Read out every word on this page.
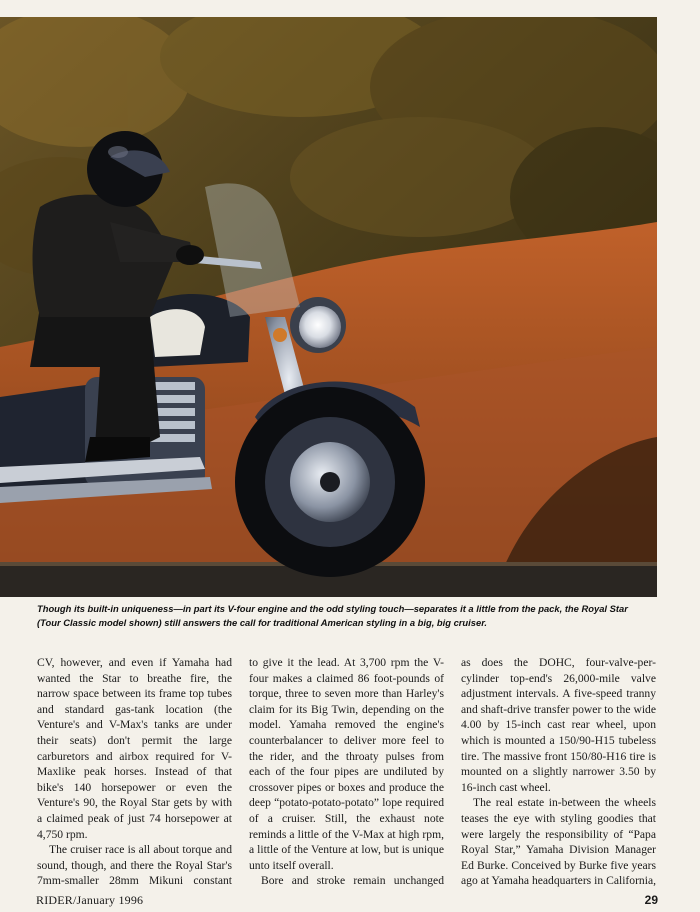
Though its built-in uniqueness—in part its V-four engine and the odd styling touch—separates it a little from the pack, the Royal Star (Tour Classic model shown) still answers the call for traditional American styling in a big, big cruiser.

CV, however, and even if Yamaha had wanted the Star to breathe fire, the narrow space between its frame top tubes and standard gas-tank location (the Venture's and V-Max's tanks are under their seats) don't permit the large carburetors and airbox required for V-Maxlike peak horses. Instead of that bike's 140 horsepower or even the Venture's 90, the Royal Star gets by with a claimed peak of just 74 horsepower at 4,750 rpm.

The cruiser race is all about torque and sound, though, and there the Royal Star's 7mm-smaller 28mm Mikuni constant

to give it the lead. At 3,700 rpm the V-four makes a claimed 86 foot-pounds of torque, three to seven more than Harley's claim for its Big Twin, depending on the model. Yamaha removed the engine's counterbalancer to deliver more feel to the rider, and the throaty pulses from each of the four pipes are undiluted by crossover pipes or boxes and produce the deep “potato-potato-potato” lope required of a cruiser. Still, the exhaust note reminds a little of the V-Max at high rpm, a little of the Venture at low, but is unique unto itself overall.

Bore and stroke remain unchanged

as does the DOHC, four-valve-per-cylinder top-end's 26,000-mile valve adjustment intervals. A five-speed tranny and shaft-drive transfer power to the wide 4.00 by 15-inch cast rear wheel, upon which is mounted a 150/90-H15 tubeless tire. The massive front 150/80-H16 tire is mounted on a slightly narrower 3.50 by 16-inch cast wheel.

The real estate in-between the wheels teases the eye with styling goodies that were largely the responsibility of “Papa Royal Star,” Yamaha Division Manager Ed Burke. Conceived by Burke five years ago at Yamaha headquarters in California,

RIDER/January 1996	29
